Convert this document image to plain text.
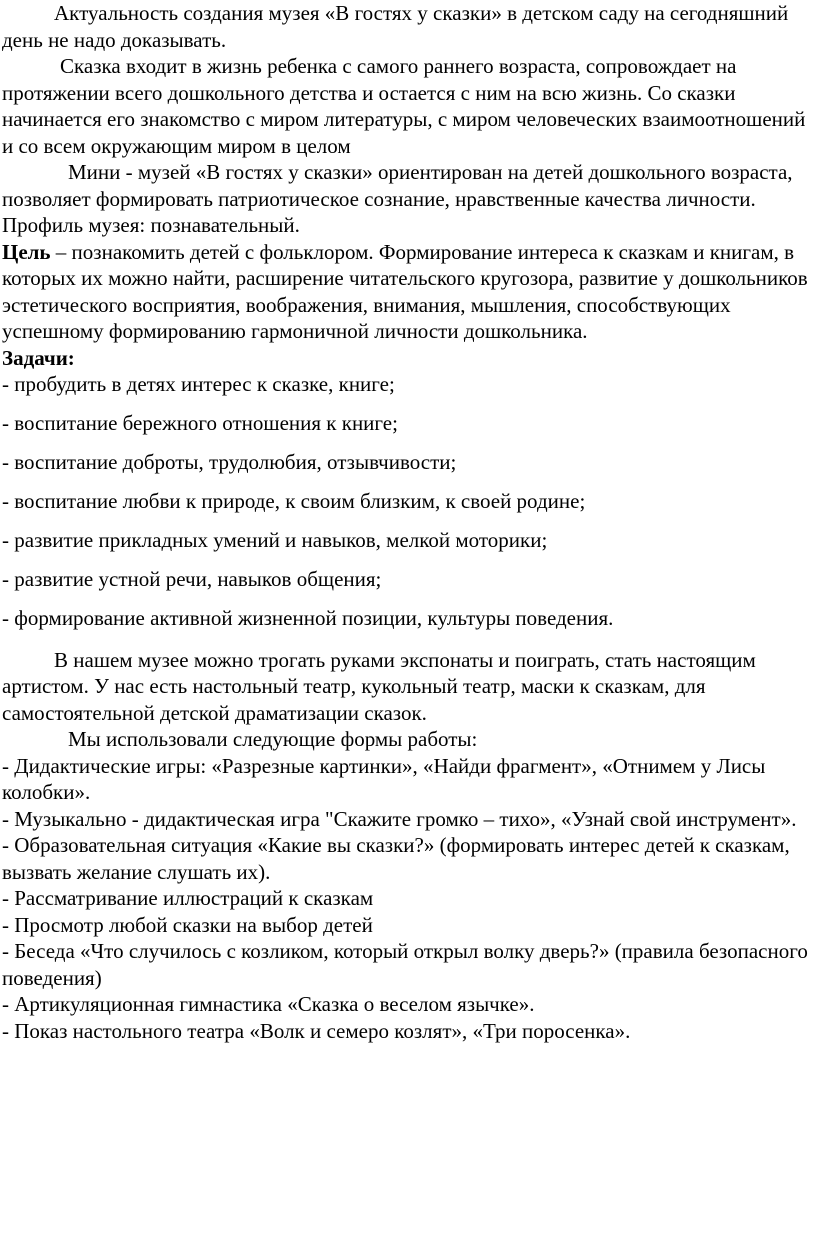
Актуальность создания музея «В гостях у сказки» в детском саду на сегодняшний день не надо доказывать.

Сказка входит в жизнь ребенка с самого раннего возраста, сопровождает на протяжении всего дошкольного детства и остается с ним на всю жизнь. Со сказки начинается его знакомство с миром литературы, с миром человеческих взаимоотношений и со всем окружающим миром в целом

Мини - музей «В гостях у сказки» ориентирован на детей дошкольного возраста, позволяет формировать патриотическое сознание, нравственные качества личности.

Профиль музея: познавательный.

Цель – познакомить детей с фольклором. Формирование интереса к сказкам и книгам, в которых их можно найти, расширение читательского кругозора, развитие у дошкольников эстетического восприятия, воображения, внимания, мышления, способствующих успешному формированию гармоничной личности дошкольника.

Задачи:

- пробудить в детях интерес к сказке, книге;

- воспитание бережного отношения к книге;

- воспитание доброты, трудолюбия, отзывчивости;

- воспитание любви к природе, к своим близким, к своей родине;

- развитие прикладных умений и навыков, мелкой моторики;

- развитие устной речи, навыков общения;

- формирование активной жизненной позиции, культуры поведения.

В нашем музее можно трогать руками экспонаты и поиграть, стать настоящим артистом. У нас есть настольный театр, кукольный театр, маски к сказкам, для самостоятельной детской драматизации сказок.

Мы использовали следующие формы работы:

- Дидактические игры: «Разрезные картинки», «Найди фрагмент», «Отнимем у Лисы колобки».

- Музыкально - дидактическая игра "Скажите громко – тихо», «Узнай свой инструмент».

- Образовательная ситуация «Какие вы сказки?» (формировать интерес детей к сказкам, вызвать желание слушать их).

- Рассматривание иллюстраций к сказкам

- Просмотр любой сказки на выбор детей

- Беседа «Что случилось с козликом, который открыл волку дверь?» (правила безопасного поведения)

- Артикуляционная гимнастика «Сказка о веселом язычке».

- Показ настольного театра «Волк и семеро козлят», «Три поросенка».
